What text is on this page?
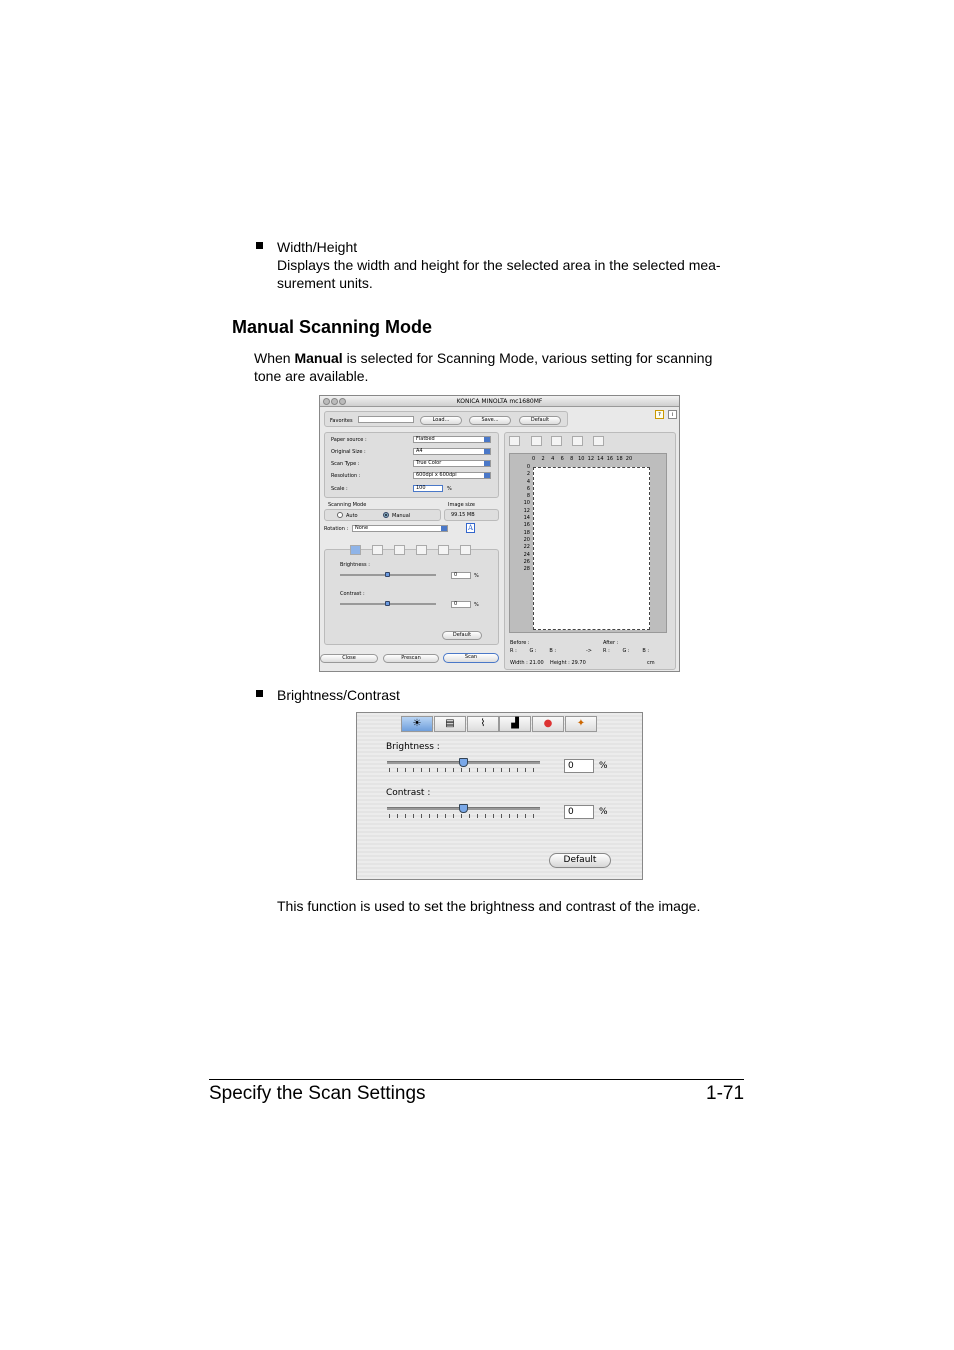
Width/Height
Displays the width and height for the selected area in the selected mea-
surement units.
Manual Scanning Mode
When Manual is selected for Scanning Mode, various setting for scanning
tone are available.
KONICA MINOLTA mc1680MF
Favorites	Load...	Save...	Default
?	i
Paper source :	Flatbed
Original Size :	A4
Scan Type :	True Color
Resolution :	600dpi x 600dpi
Scale :	100	%
Scanning Mode
Auto	Manual
Image size
99.15 MB
Rotation :	None	A
Brightness :
0	%
Contrast :
0	%
Default
Close	Prescan	Scan
0    2    4    6    8   10  12  14  16  18  20
0
2
4
6
8
10
12
14
16
18
20
22
24
26
28
Before :	After :
R :        G :        B :	-> R :        G :        B :
Width : 21.00    Height : 29.70	cm
Brightness/Contrast
☀	▤	⌇	▟	●	✦
Brightness :
0	%
Contrast :
0	%
Default
This function is used to set the brightness and contrast of the image.
Specify the Scan Settings	1-71
